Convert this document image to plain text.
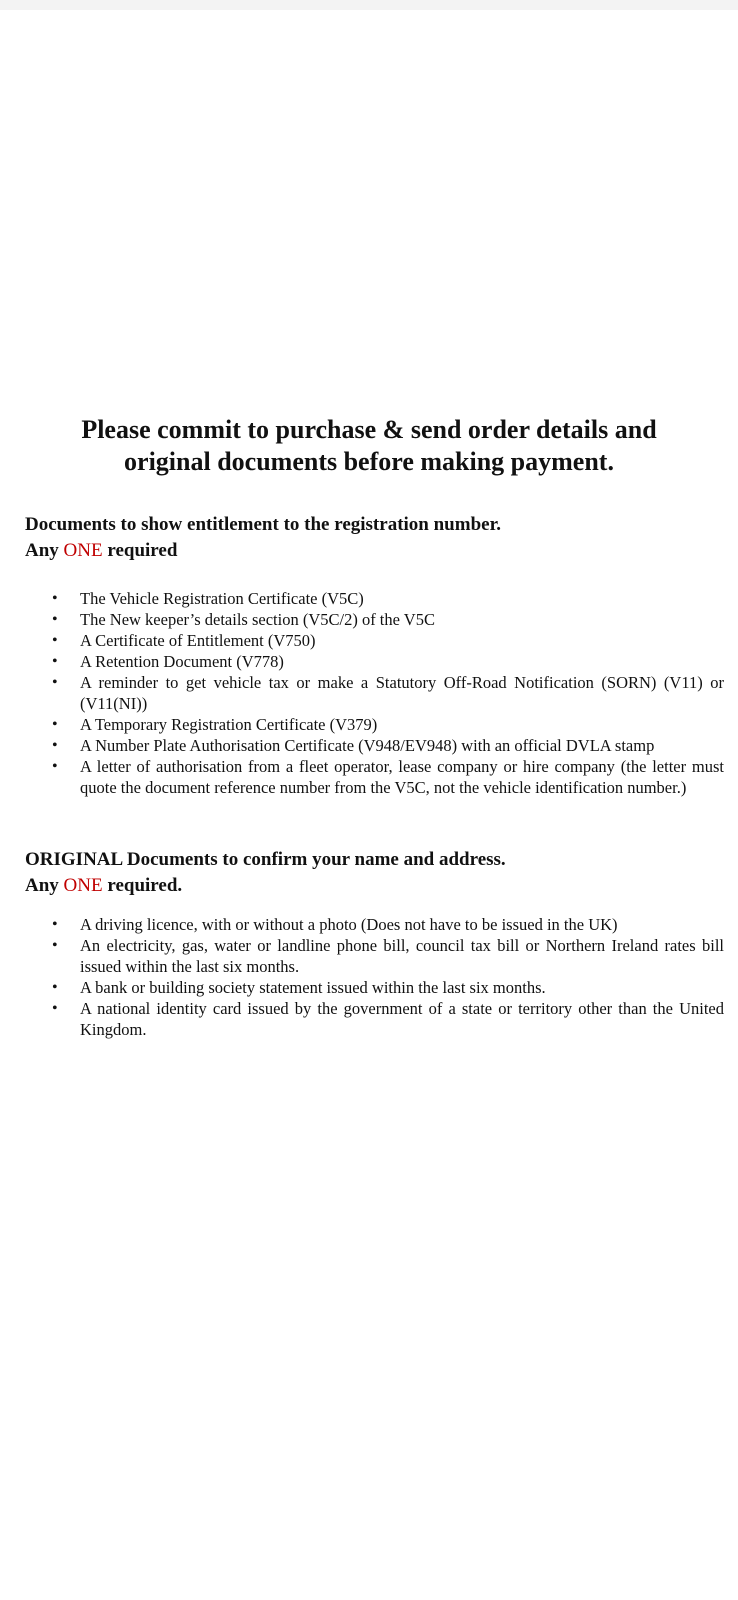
Please commit to purchase & send order details and
original documents before making payment.
Documents to show entitlement to the registration number.
Any ONE required
• The Vehicle Registration Certificate (V5C)
• The New keeper’s details section (V5C/2) of the V5C
• A Certificate of Entitlement (V750)
• A Retention Document (V778)
• A reminder to get vehicle tax or make a Statutory Off-Road Notification (SORN) (V11) or (V11(NI))
• A Temporary Registration Certificate (V379)
• A Number Plate Authorisation Certificate (V948/EV948) with an official DVLA stamp
• A letter of authorisation from a fleet operator, lease company or hire company (the letter must quote the document reference number from the V5C, not the vehicle identification number.)
ORIGINAL Documents to confirm your name and address.
Any ONE required.
• A driving licence, with or without a photo (Does not have to be issued in the UK)
• An electricity, gas, water or landline phone bill, council tax bill or Northern Ireland rates bill issued within the last six months.
• A bank or building society statement issued within the last six months.
• A national identity card issued by the government of a state or territory other than the United Kingdom.
